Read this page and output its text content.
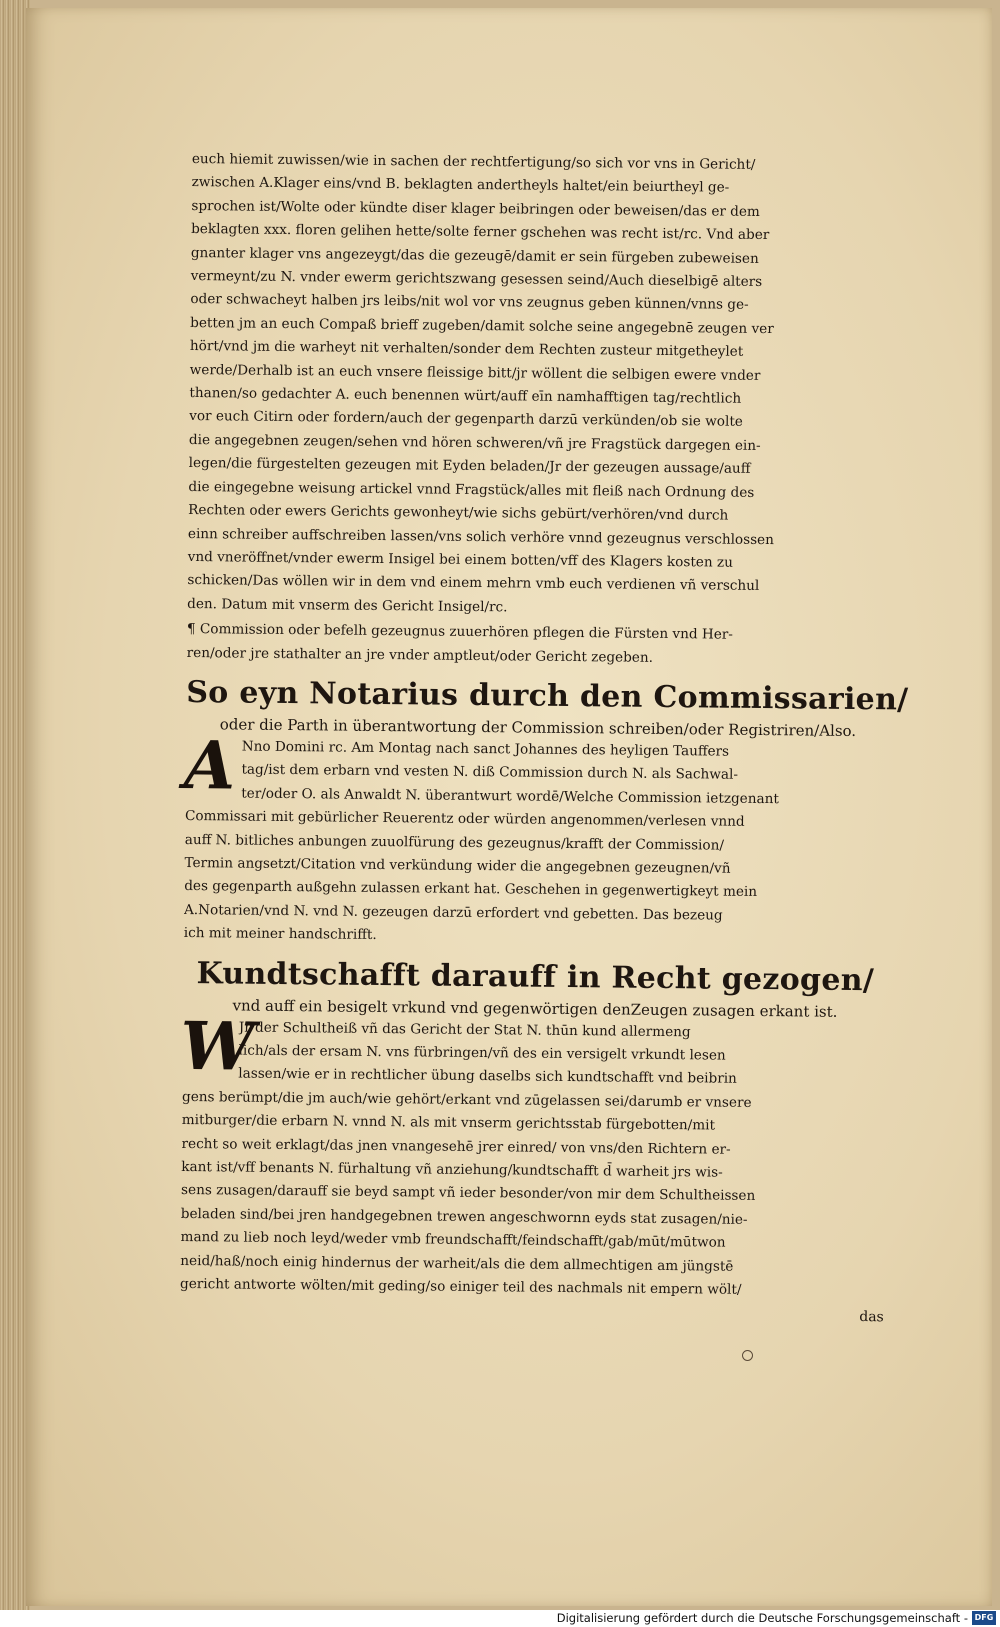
euch hiemit zuwissen/wie in sachen der rechtfertigung/so sich vor vns in Gericht/
zwischen A.Klager eins/vnd B. beklagten andertheyls haltet/ein beiurtheyl ge-
sprochen ist/Wolte oder kündte diser klager beibringen oder beweisen/das er dem
beklagten xxx. floren gelihen hette/solte ferner gschehen was recht ist/rc. Vnd aber
gnanter klager vns angezeygt/das die gezeugē/damit er sein fürgeben zubeweisen
vermeynt/zu N. vnder ewerm gerichtszwang gesessen seind/Auch dieselbigē alters
oder schwacheyt halben jrs leibs/nit wol vor vns zeugnus geben künnen/vnns ge-
betten jm an euch Compaß brieff zugeben/damit solche seine angegebnē zeugen ver
hört/vnd jm die warheyt nit verhalten/sonder dem Rechten zusteur mitgetheylet
werde/Derhalb ist an euch vnsere fleissige bitt/jr wöllent die selbigen ewere vnder
thanen/so gedachter A. euch benennen würt/auff eīn namhafftigen tag/rechtlich
vor euch Citirn oder fordern/auch der gegenparth darzū verkünden/ob sie wolte
die angegebnen zeugen/sehen vnd hören schweren/vñ jre Fragstück dargegen ein-
legen/die fürgestelten gezeugen mit Eyden beladen/Jr der gezeugen aussage/auff
die eingegebne weisung artickel vnnd Fragstück/alles mit fleiß nach Ordnung des
Rechten oder ewers Gerichts gewonheyt/wie sichs gebürt/verhören/vnd durch
einn schreiber auffschreiben lassen/vns solich verhöre vnnd gezeugnus verschlossen
vnd vneröffnet/vnder ewerm Insigel bei einem botten/vff des Klagers kosten zu
schicken/Das wöllen wir in dem vnd einem mehrn vmb euch verdienen vñ verschul
den. Datum mit vnserm des Gericht Insigel/rc.
¶ Commission oder befelh gezeugnus zuuerhören pflegen die Fürsten vnd Her-
ren/oder jre stathalter an jre vnder amptleut/oder Gericht zegeben.
So eyn Notarius durch den Commissarien/
oder die Parth in überantwortung der Commission schreiben/oder Registriren/Also.
A Nno Domini rc. Am Montag nach sanct Johannes des heyligen Tauffers
tag/ist dem erbarn vnd vesten N. diß Commission durch N. als Sachwal-
ter/oder O. als Anwaldt N. überantwurt wordē/Welche Commission ietzgenant
Commissari mit gebürlicher Reuerentz oder würden angenommen/verlesen vnnd
auff N. bitliches anbungen zuuolfürung des gezeugnus/krafft der Commission/
Termin angsetzt/Citation vnd verkündung wider die angegebnen gezeugnen/vñ
des gegenparth außgehn zulassen erkant hat. Geschehen in gegenwertigkeyt mein
A.Notarien/vnd N. vnd N. gezeugen darzū erfordert vnd gebetten. Das bezeug
ich mit meiner handschrifft.
Kundtschafft darauff in Recht gezogen/
vnd auff ein besigelt vrkund vnd gegenwörtigen denZeugen zusagen erkant ist.
W
Jr der Schultheiß vñ das Gericht der Stat N. thūn kund allermeng
lich/als der ersam N. vns fürbringen/vñ des ein versigelt vrkundt lesen
lassen/wie er in rechtlicher übung daselbs sich kundtschafft vnd beibrin
gens berümpt/die jm auch/wie gehört/erkant vnd zūgelassen sei/darumb er vnsere
mitburger/die erbarn N. vnnd N. als mit vnserm gerichtsstab fürgebotten/mit
recht so weit erklagt/das jnen vnangesehē jrer einred/ von vns/den Richtern er-
kant ist/vff benants N. fürhaltung vñ anziehung/kundtschafft d̄ warheit jrs wis-
sens zusagen/darauff sie beyd sampt vñ ieder besonder/von mir dem Schultheissen
beladen sind/bei jren handgegebnen trewen angeschwornn eyds stat zusagen/nie-
mand zu lieb noch leyd/weder vmb freundschafft/feindschafft/gab/mūt/mūtwon
neid/haß/noch einig hindernus der warheit/als die dem allmechtigen am jüngstē
gericht antworte wölten/mit geding/so einiger teil des nachmals nit empern wölt/
das
Digitalisierung gefördert durch die Deutsche Forschungsgemeinschaft - DFG
